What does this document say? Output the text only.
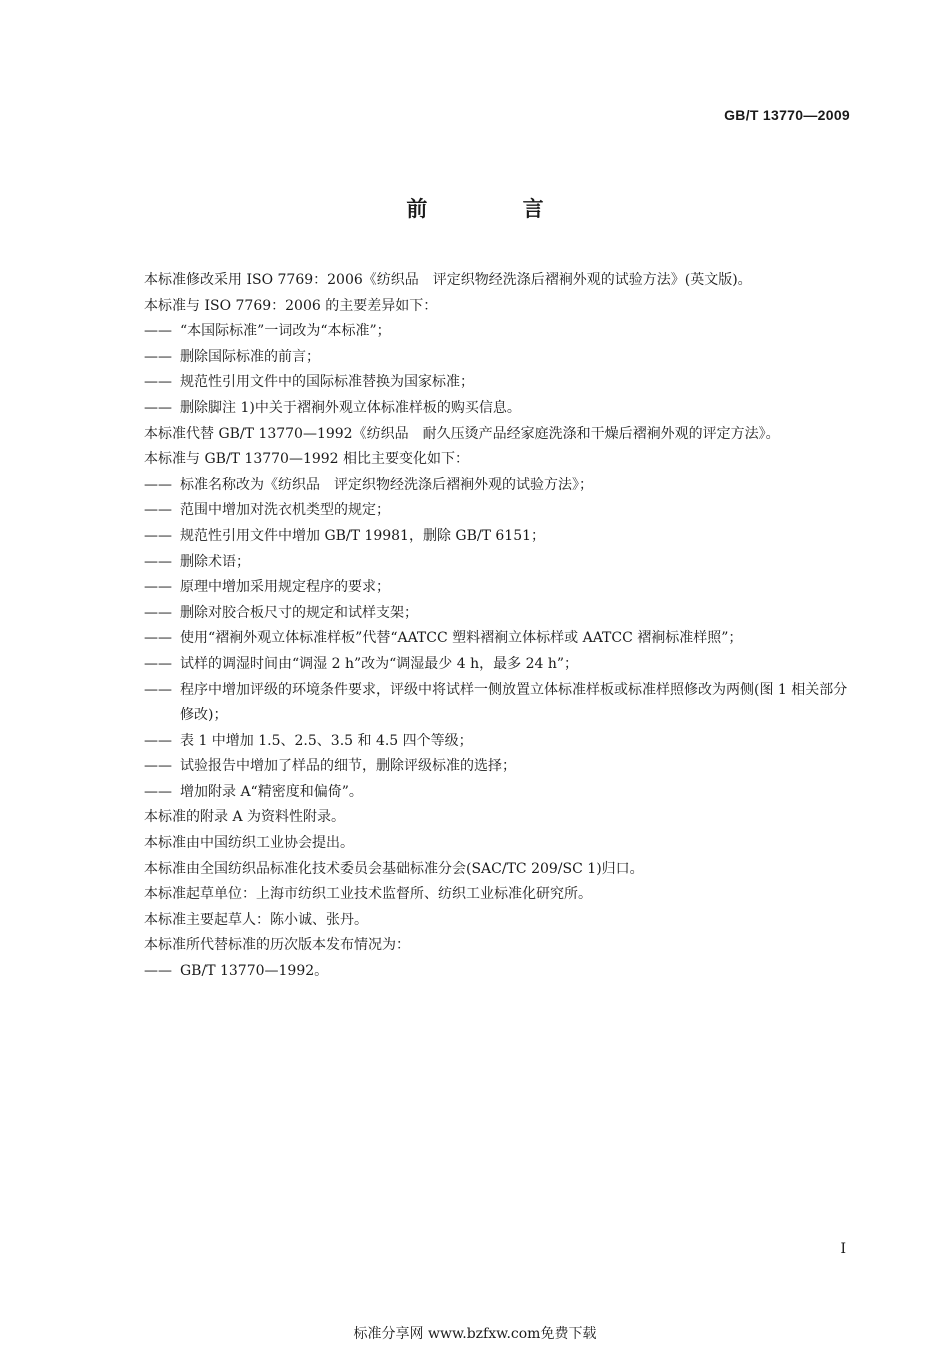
GB/T 13770—2009
前 言

本标准修改采用 ISO 7769：2006《纺织品　评定织物经洗涤后褶裥外观的试验方法》(英文版)。

本标准与 ISO 7769：2006 的主要差异如下：

—— “本国际标准”一词改为“本标准”；

—— 删除国际标准的前言；

—— 规范性引用文件中的国际标准替换为国家标准；

—— 删除脚注 1)中关于褶裥外观立体标准样板的购买信息。

本标准代替 GB/T 13770—1992《纺织品　耐久压烫产品经家庭洗涤和干燥后褶裥外观的评定方法》。

本标准与 GB/T 13770—1992 相比主要变化如下：

—— 标准名称改为《纺织品　评定织物经洗涤后褶裥外观的试验方法》；

—— 范围中增加对洗衣机类型的规定；

—— 规范性引用文件中增加 GB/T 19981，删除 GB/T 6151；

—— 删除术语；

—— 原理中增加采用规定程序的要求；

—— 删除对胶合板尺寸的规定和试样支架；

—— 使用“褶裥外观立体标准样板”代替“AATCC 塑料褶裥立体标样或 AATCC 褶裥标准样照”；

—— 试样的调湿时间由“调湿 2 h”改为“调湿最少 4 h，最多 24 h”；

—— 程序中增加评级的环境条件要求，评级中将试样一侧放置立体标准样板或标准样照修改为两侧(图 1 相关部分修改)；

—— 表 1 中增加 1.5、2.5、3.5 和 4.5 四个等级；

—— 试验报告中增加了样品的细节，删除评级标准的选择；

—— 增加附录 A“精密度和偏倚”。

本标准的附录 A 为资料性附录。

本标准由中国纺织工业协会提出。

本标准由全国纺织品标准化技术委员会基础标准分会(SAC/TC 209/SC 1)归口。

本标准起草单位：上海市纺织工业技术监督所、纺织工业标准化研究所。

本标准主要起草人：陈小诚、张丹。

本标准所代替标准的历次版本发布情况为：

—— GB/T 13770—1992。

I
标准分享网 www.bzfxw.com免费下载
